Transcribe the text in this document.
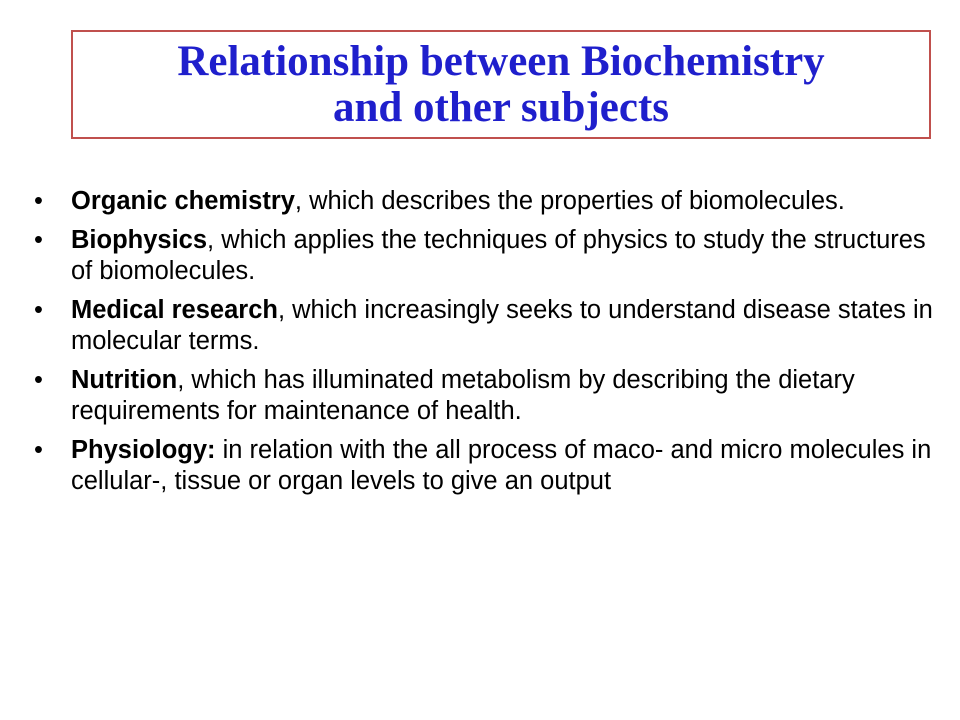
Relationship between Biochemistry
and other subjects
•	Organic chemistry, which describes the properties of biomolecules.
•	Biophysics, which applies the techniques of physics to study the structures of biomolecules.
•	Medical research, which increasingly seeks to understand disease states in molecular terms.
•	Nutrition, which has illuminated metabolism by describing the dietary requirements for maintenance of health.
•	Physiology: in relation with the all process of maco- and micro molecules in cellular-, tissue or organ levels to give an output
